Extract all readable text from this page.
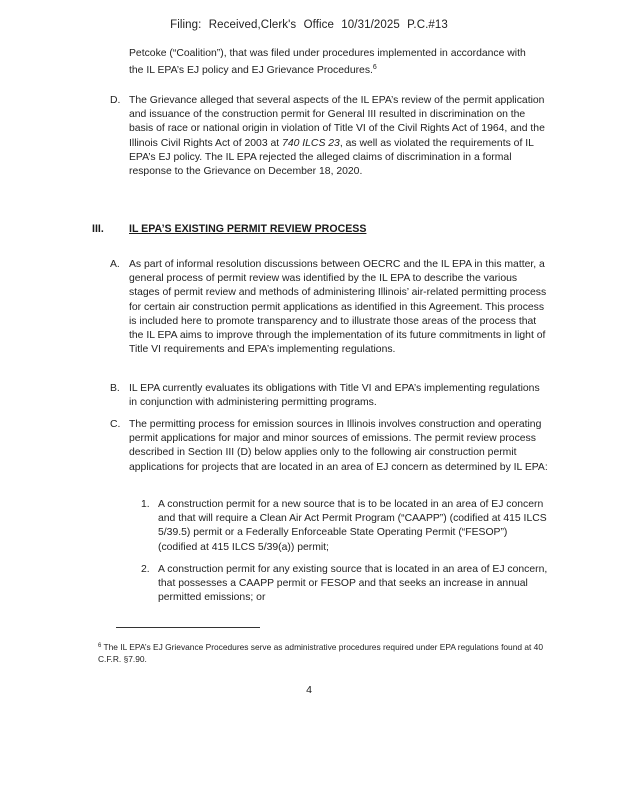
Filing: Received,Clerk's Office 10/31/2025 P.C.#13
Petcoke (“Coalition”), that was filed under procedures implemented in accordance with the IL EPA’s EJ policy and EJ Grievance Procedures.$^6$
D. The Grievance alleged that several aspects of the IL EPA’s review of the permit application and issuance of the construction permit for General III resulted in discrimination on the basis of race or national origin in violation of Title VI of the Civil Rights Act of 1964, and the Illinois Civil Rights Act of 2003 at 740 ILCS 23, as well as violated the requirements of IL EPA’s EJ policy. The IL EPA rejected the alleged claims of discrimination in a formal response to the Grievance on December 18, 2020.
III. IL EPA’S EXISTING PERMIT REVIEW PROCESS
A. As part of informal resolution discussions between OECRC and the IL EPA in this matter, a general process of permit review was identified by the IL EPA to describe the various stages of permit review and methods of administering Illinois’ air-related permitting process for certain air construction permit applications as identified in this Agreement. This process is included here to promote transparency and to illustrate those areas of the process that the IL EPA aims to improve through the implementation of its future commitments in light of Title VI requirements and EPA’s implementing regulations.
B. IL EPA currently evaluates its obligations with Title VI and EPA’s implementing regulations in conjunction with administering permitting programs.
C. The permitting process for emission sources in Illinois involves construction and operating permit applications for major and minor sources of emissions. The permit review process described in Section III (D) below applies only to the following air construction permit applications for projects that are located in an area of EJ concern as determined by IL EPA:
1. A construction permit for a new source that is to be located in an area of EJ concern and that will require a Clean Air Act Permit Program (“CAAPP”) (codified at 415 ILCS 5/39.5) permit or a Federally Enforceable State Operating Permit (“FESOP”) (codified at 415 ILCS 5/39(a)) permit;
2. A construction permit for any existing source that is located in an area of EJ concern, that possesses a CAAPP permit or FESOP and that seeks an increase in annual permitted emissions; or
$^6$ The IL EPA’s EJ Grievance Procedures serve as administrative procedures required under EPA regulations found at 40 C.F.R. §7.90.
4
